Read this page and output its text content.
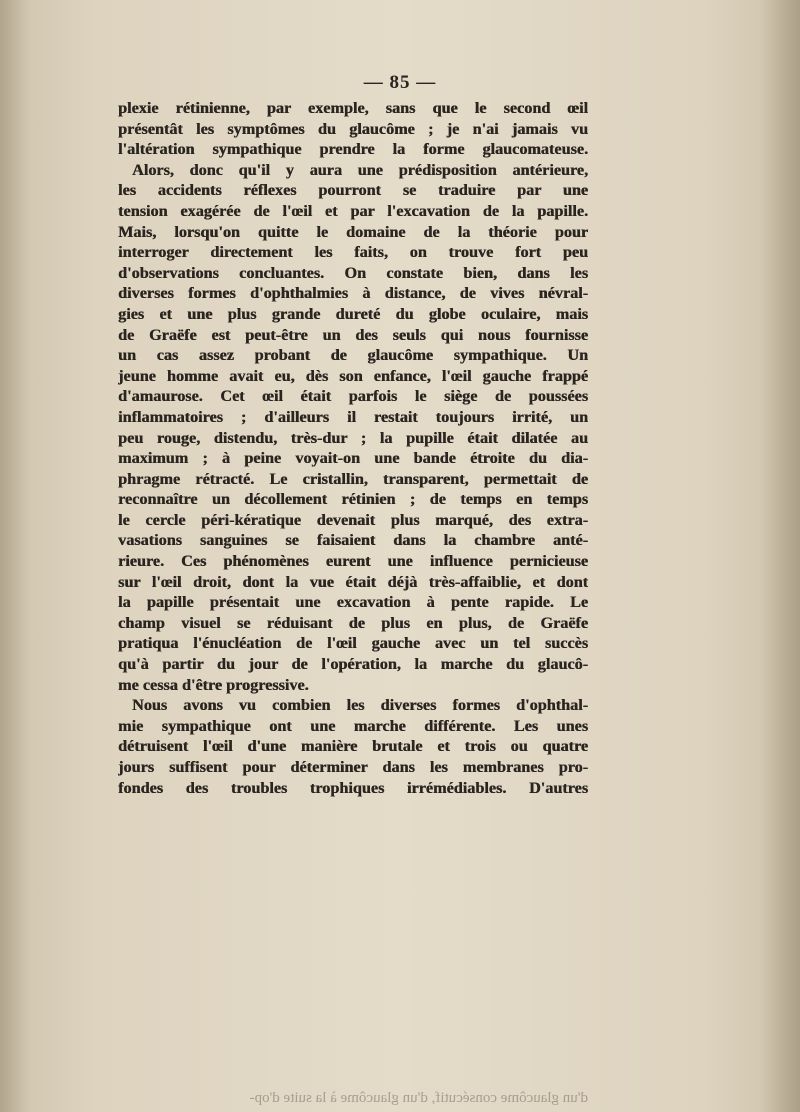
— 85 —
plexie rétinienne, par exemple, sans que le second œil
présentât les symptômes du glaucôme ; je n'ai jamais vu
l'altération sympathique prendre la forme glaucomateuse.
Alors, donc qu'il y aura une prédisposition antérieure,
les accidents réflexes pourront se traduire par une
tension exagérée de l'œil et par l'excavation de la papille.
Mais, lorsqu'on quitte le domaine de la théorie pour
interroger directement les faits, on trouve fort peu
d'observations concluantes. On constate bien, dans les
diverses formes d'ophthalmies à distance, de vives névral-
gies et une plus grande dureté du globe oculaire, mais
de Graëfe est peut-être un des seuls qui nous fournisse
un cas assez probant de glaucôme sympathique. Un
jeune homme avait eu, dès son enfance, l'œil gauche frappé
d'amaurose. Cet œil était parfois le siège de poussées
inflammatoires ; d'ailleurs il restait toujours irrité, un
peu rouge, distendu, très-dur ; la pupille était dilatée au
maximum ; à peine voyait-on une bande étroite du dia-
phragme rétracté. Le cristallin, transparent, permettait de
reconnaître un décollement rétinien ; de temps en temps
le cercle péri-kératique devenait plus marqué, des extra-
vasations sanguines se faisaient dans la chambre anté-
rieure. Ces phénomènes eurent une influence pernicieuse
sur l'œil droit, dont la vue était déjà très-affaiblie, et dont
la papille présentait une excavation à pente rapide. Le
champ visuel se réduisant de plus en plus, de Graëfe
pratiqua l'énucléation de l'œil gauche avec un tel succès
qu'à partir du jour de l'opération, la marche du glaucô-
me cessa d'être progressive.
Nous avons vu combien les diverses formes d'ophthal-
mie sympathique ont une marche différente. Les unes
détruisent l'œil d'une manière brutale et trois ou quatre
jours suffisent pour déterminer dans les membranes pro-
fondes des troubles trophiques irrémédiables. D'autres
d'un glaucôme consécutif, d'un glaucôme à la suite d'op-
